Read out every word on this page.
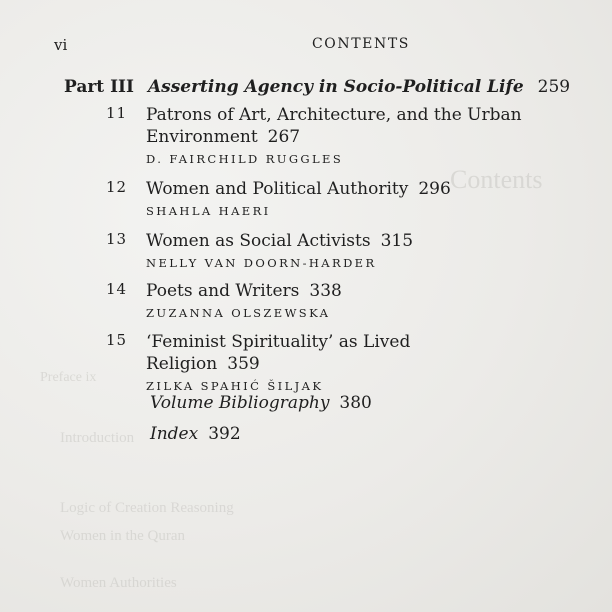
Contents
Preface ix
Introduction
Logic of Creation Reasoning
Women in the Quran
Women Authorities
vi	CONTENTS
Part III Asserting Agency in Socio-Political Life 259
11 Patrons of Art, Architecture, and the Urban
Environment 267
D. FAIRCHILD RUGGLES
12 Women and Political Authority 296
SHAHLA HAERI
13 Women as Social Activists 315
NELLY VAN DOORN-HARDER
14 Poets and Writers 338
ZUZANNA OLSZEWSKA
15 ‘Feminist Spirituality’ as Lived Religion 359
ZILKA SPAHIĆ ŠILJAK
Volume Bibliography 380
Index 392
